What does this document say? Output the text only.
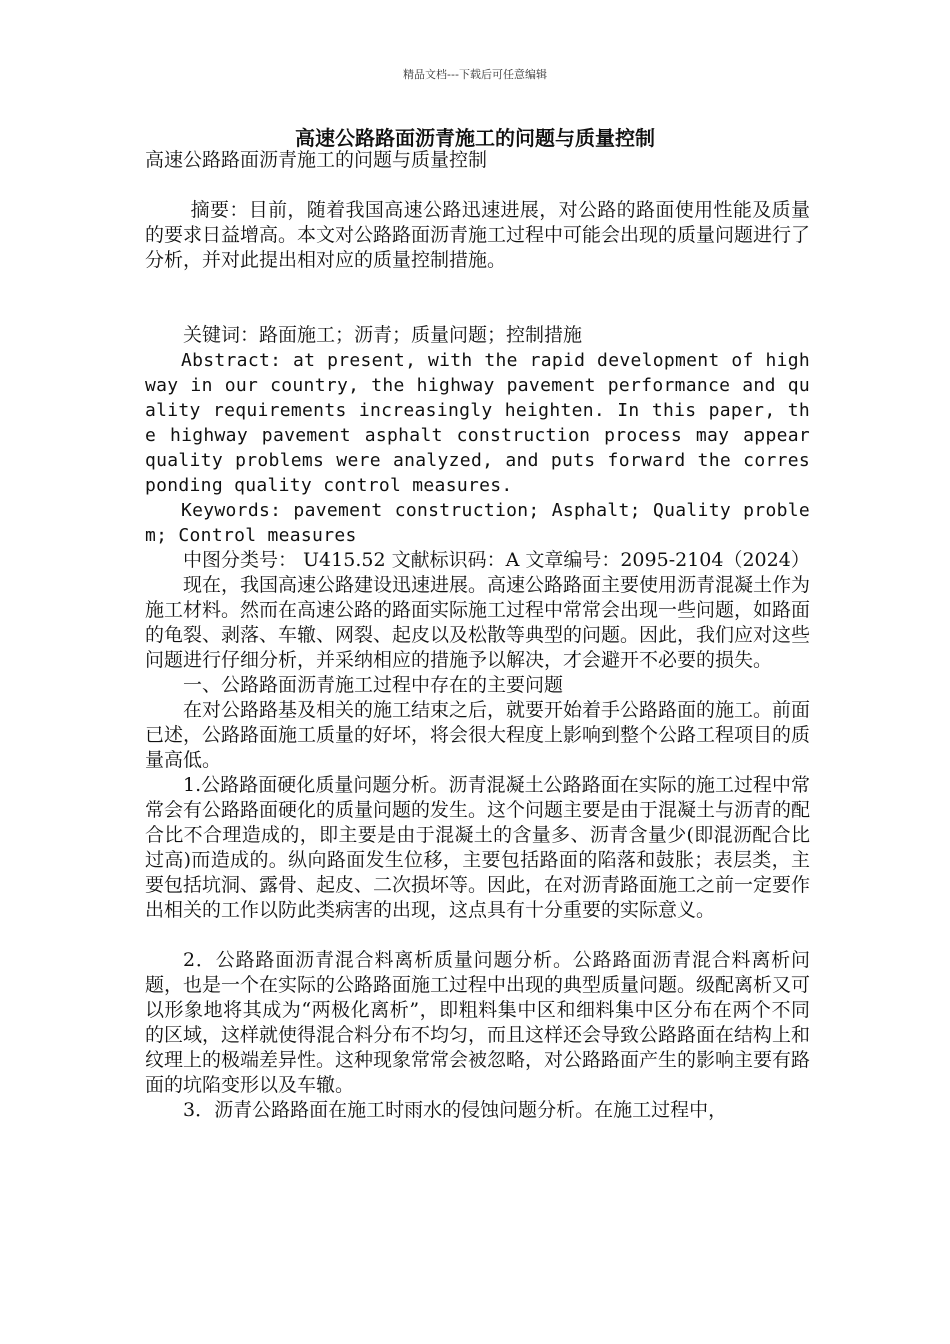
精品文档---下载后可任意编辑
高速公路路面沥青施工的问题与质量控制

高速公路路面沥青施工的问题与质量控制

摘要：目前，随着我国高速公路迅速进展，对公路的路面使用性能及质量的要求日益增高。本文对公路路面沥青施工过程中可能会出现的质量问题进行了分析，并对此提出相对应的质量控制措施。

关键词：路面施工；沥青；质量问题；控制措施

Abstract: at present, with the rapid development of highway in our country, the highway pavement performance and quality requirements increasingly heighten. In this paper, the highway pavement asphalt construction process may appear quality problems were analyzed, and puts forward the corresponding quality control measures.

Keywords: pavement construction; Asphalt; Quality problem; Control measures

中图分类号： U415.52 文献标识码：A 文章编号：2095-2104（2024）

现在，我国高速公路建设迅速进展。高速公路路面主要使用沥青混凝土作为施工材料。然而在高速公路的路面实际施工过程中常常会出现一些问题，如路面的龟裂、剥落、车辙、网裂、起皮以及松散等典型的问题。因此，我们应对这些问题进行仔细分析，并采纳相应的措施予以解决，才会避开不必要的损失。

一、公路路面沥青施工过程中存在的主要问题

在对公路路基及相关的施工结束之后，就要开始着手公路路面的施工。前面已述，公路路面施工质量的好坏，将会很大程度上影响到整个公路工程项目的质量高低。

1.公路路面硬化质量问题分析。沥青混凝土公路路面在实际的施工过程中常常会有公路路面硬化的质量问题的发生。这个问题主要是由于混凝土与沥青的配合比不合理造成的，即主要是由于混凝土的含量多、沥青含量少(即混沥配合比过高)而造成的。纵向路面发生位移，主要包括路面的陷落和鼓胀；表层类，主要包括坑洞、露骨、起皮、二次损坏等。因此，在对沥青路面施工之前一定要作出相关的工作以防此类病害的出现，这点具有十分重要的实际意义。

2．公路路面沥青混合料离析质量问题分析。公路路面沥青混合料离析问题，也是一个在实际的公路路面施工过程中出现的典型质量问题。级配离析又可以形象地将其成为“两极化离析”，即粗料集中区和细料集中区分布在两个不同的区域，这样就使得混合料分布不均匀，而且这样还会导致公路路面在结构上和纹理上的极端差异性。这种现象常常会被忽略，对公路路面产生的影响主要有路面的坑陷变形以及车辙。

3．沥青公路路面在施工时雨水的侵蚀问题分析。在施工过程中，
